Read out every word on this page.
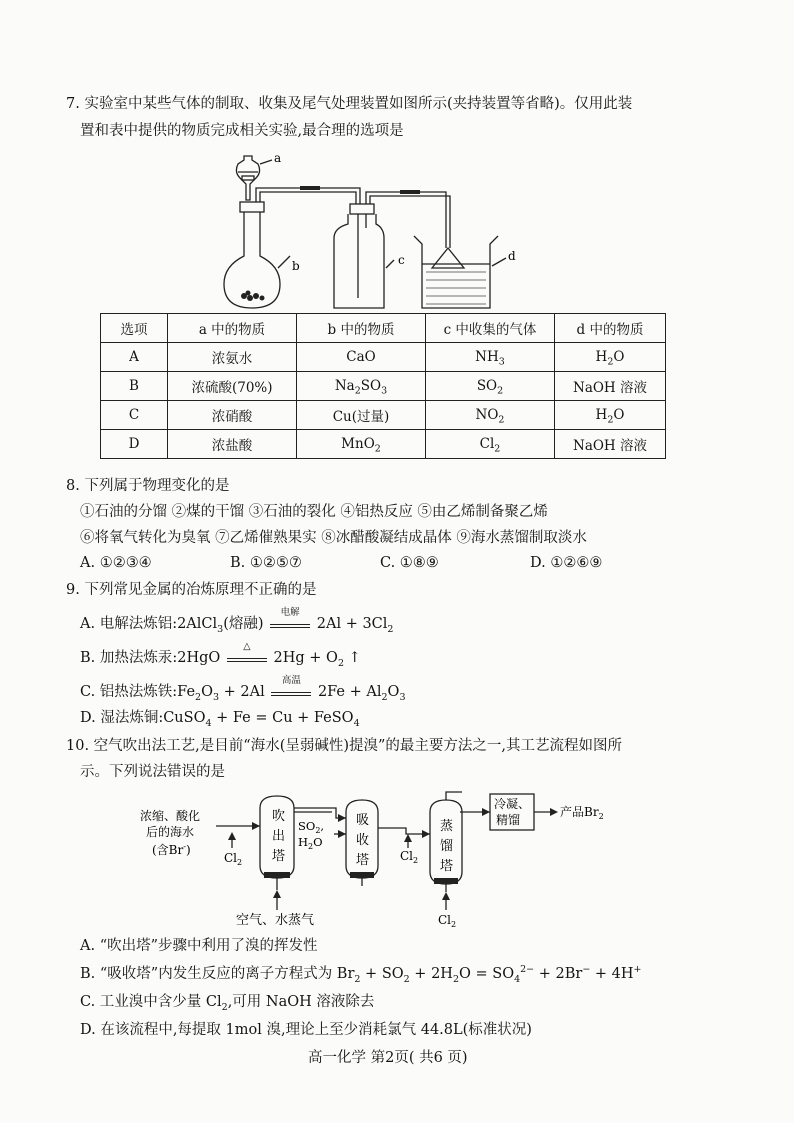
7. 实验室中某些气体的制取、收集及尾气处理装置如图所示(夹持装置等省略)。仅用此装
置和表中提供的物质完成相关实验,最合理的选项是
a
b	c	d
选项	a 中的物质	b 中的物质	c 中收集的气体	d 中的物质
A	浓氨水	CaO	$NH_3$	$H_2O$
B	浓硫酸(70%)	$Na_2SO_3$	$SO_2$	NaOH 溶液
C	浓硝酸	Cu(过量)	$NO_2$	$H_2O$
D	浓盐酸	MnO$_2$	$Cl_2$	NaOH 溶液
8. 下列属于物理变化的是
①石油的分馏 ②煤的干馏 ③石油的裂化 ④铝热反应 ⑤由乙烯制备聚乙烯
⑥将氧气转化为臭氧 ⑦乙烯催熟果实 ⑧冰醋酸凝结成晶体 ⑨海水蒸馏制取淡水
A. ①②③④	B. ①②⑤⑦	C. ①⑧⑨	D. ①②⑥⑨
9. 下列常见金属的冶炼原理不正确的是
A. 电解法炼铝:2AlCl$_3$(熔融)
电解
$2Al + 3Cl_2$
B. 加热法炼汞:2HgO
△
$2Hg + O_2$ ↑
C. 铝热法炼铁$:Fe_2O_3 + 2Al$
高温
$2Fe + Al_2O_3$
D. 湿法炼铜:CuSO$_4$ + Fe = Cu + FeSO$_4$
10. 空气吹出法工艺,是目前“海水(呈弱碱性)提溴”的最主要方法之一,其工艺流程如图所
示。下列说法错误的是
浓缩、酸化
后的海水
(含Br-)
$Cl_2$
吹
出
塔
$SO_2$,
$H_2O$
吸
收
塔	$Cl_2$
蒸
馏
塔
冷凝、
精馏
产品$Br_2$
空气、水蒸气	$Cl_2$
A. “吹出塔”步骤中利用了溴的挥发性
B. “吸收塔”内发生反应的离子方程式为 $Br_2 + SO_2 + 2H_2O = SO_4^{2-} + 2Br^- + 4H^+$
C. 工业溴中含少量 $Cl_2$,可用 NaOH 溶液除去
D. 在该流程中,每提取 1mol 溴,理论上至少消耗氯气 44.8L(标准状况)
高一化学 第2页( 共6 页)
